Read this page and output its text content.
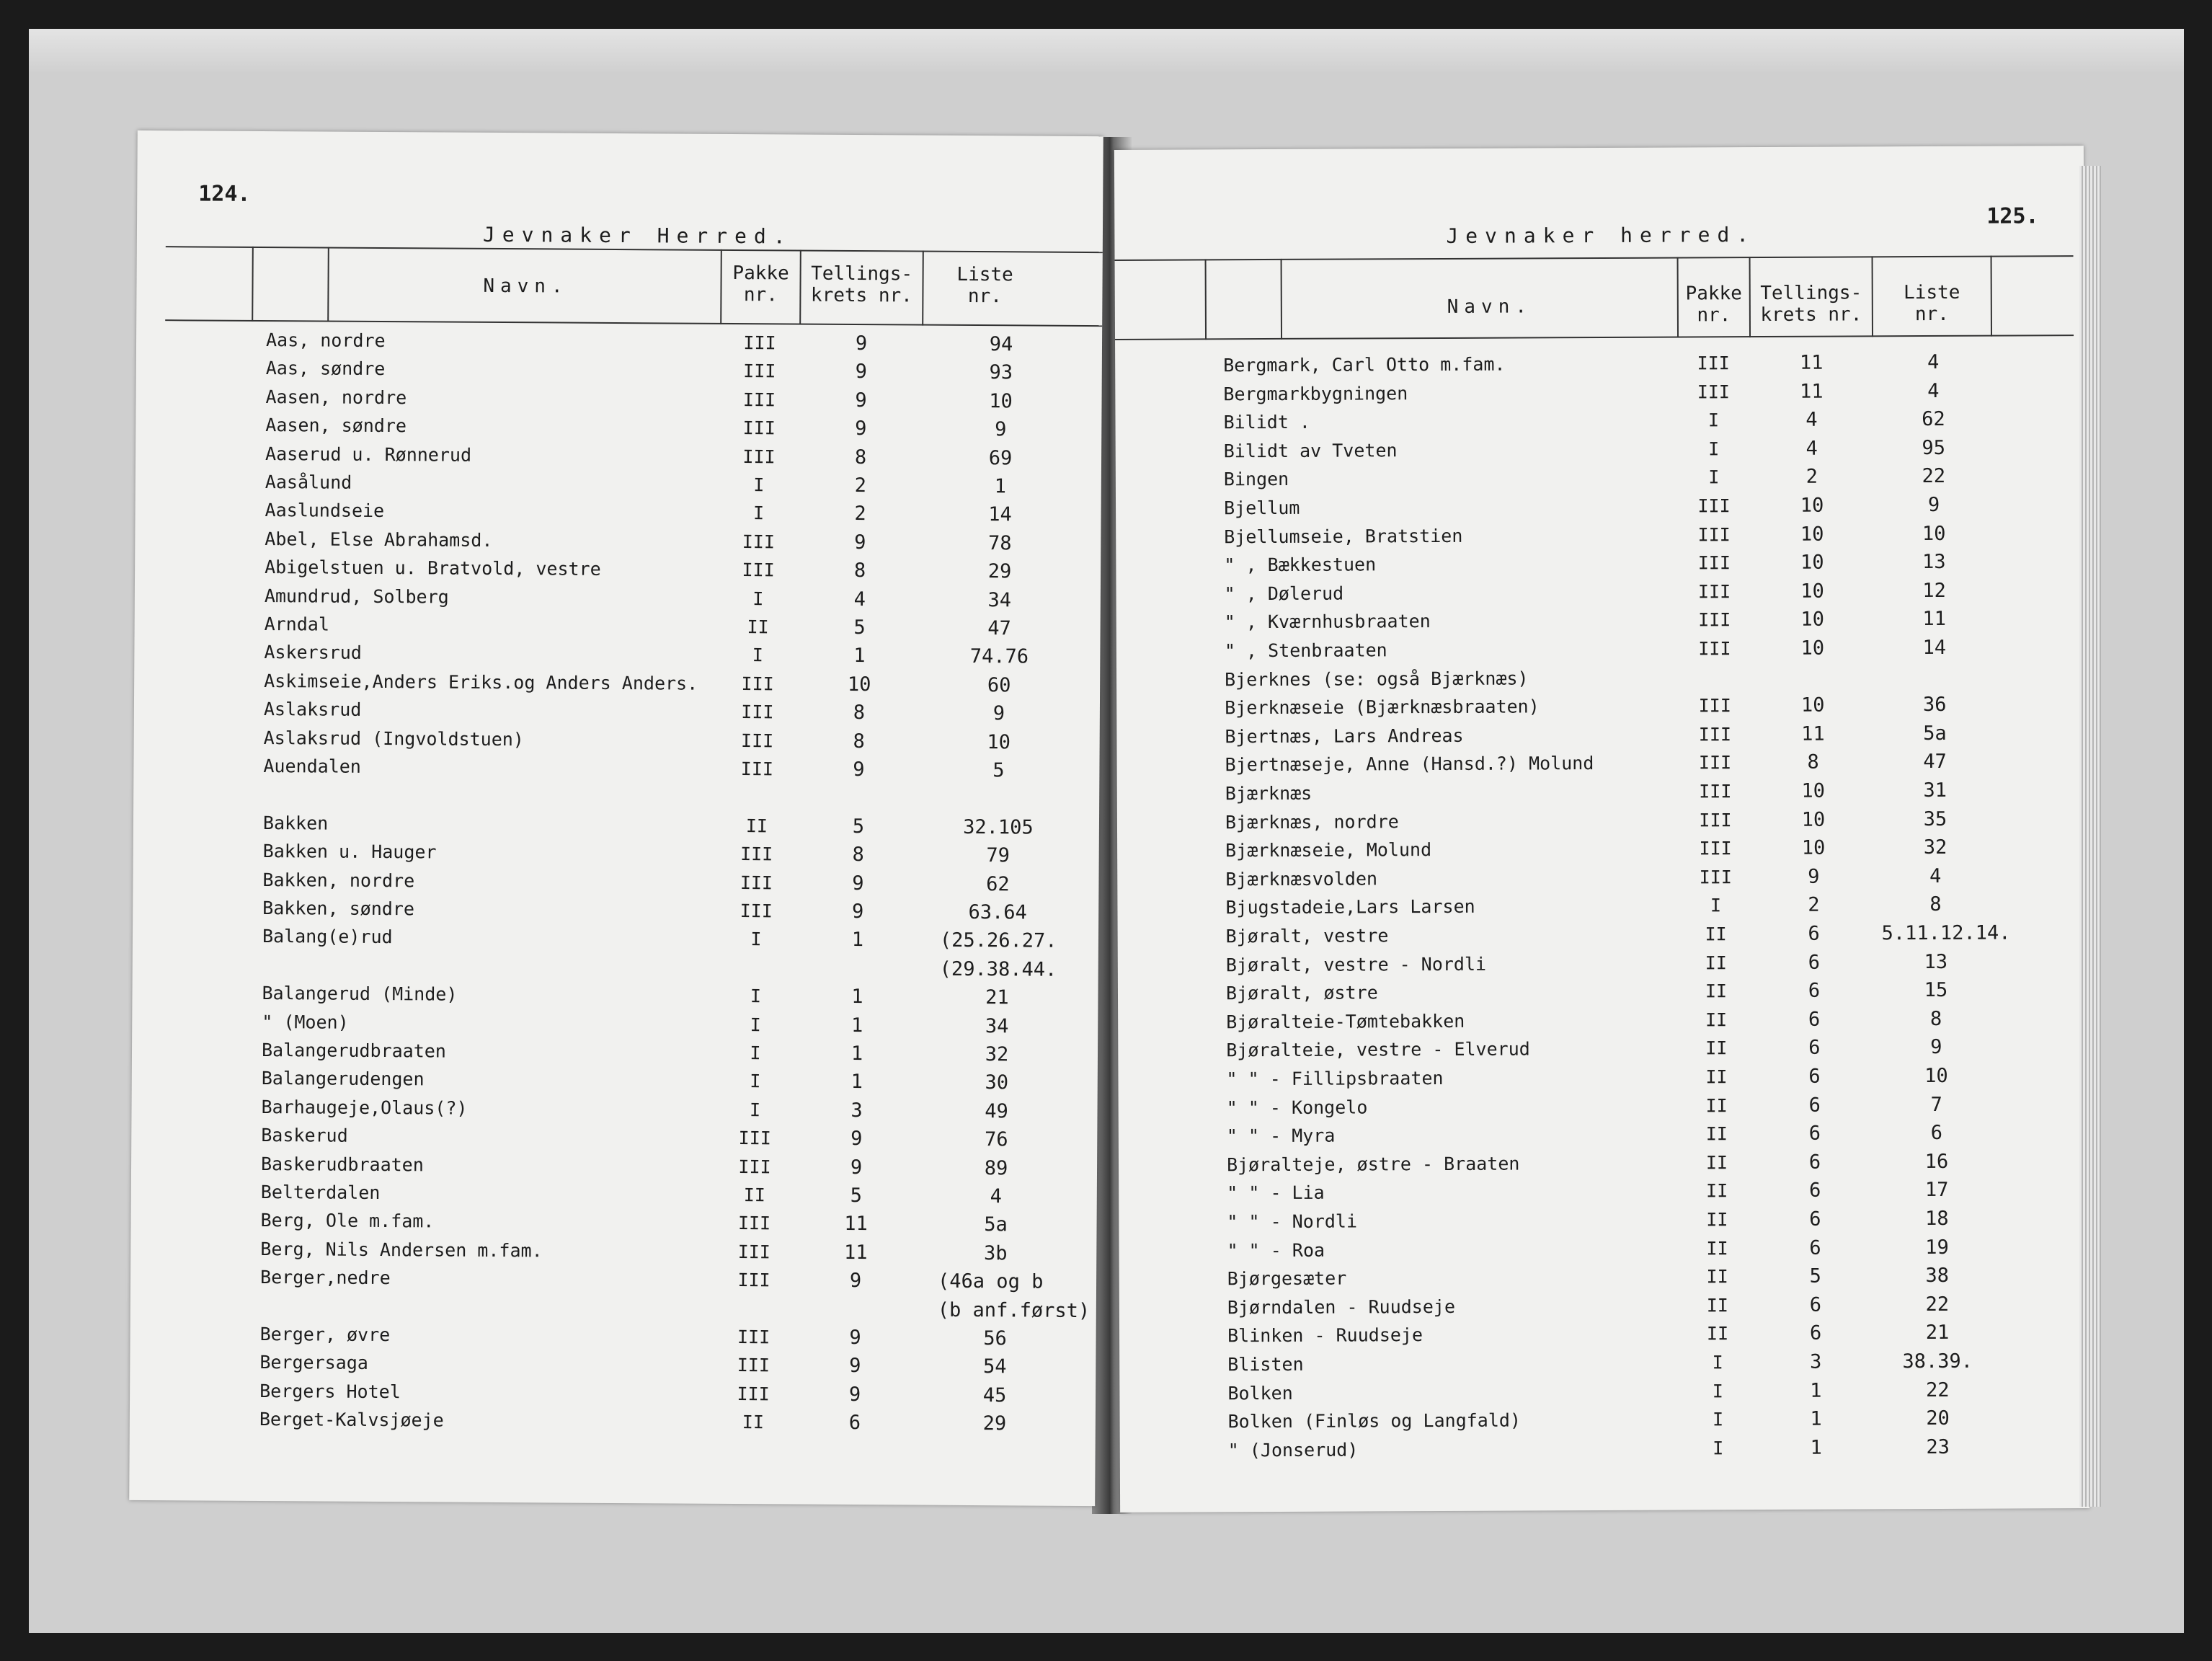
124.
Jevnaker Herred.
Navn.
Pakke
nr.
Tellings-
krets nr.
Liste
nr.
Aas, nordre	III	9	94
Aas, søndre	III	9	93
Aasen, nordre	III	9	10
Aasen, søndre	III	9	9
Aaserud u. Rønnerud	III	8	69
Aasålund	I	2	1
Aaslundseie	I	2	14
Abel, Else Abrahamsd.	III	9	78
Abigelstuen u. Bratvold, vestre	III	8	29
Amundrud, Solberg	I	4	34
Arndal	II	5	47
Askersrud	I	1	74.76
Askimseie,Anders Eriks.og Anders Anders.	III	10	60
Aslaksrud	III	8	9
Aslaksrud (Ingvoldstuen)	III	8	10
Auendalen	III	9	5
Bakken	II	5	32.105
Bakken u. Hauger	III	8	79
Bakken, nordre	III	9	62
Bakken, søndre	III	9	63.64
Balang(e)rud	I	1	(25.26.27.
(29.38.44.
Balangerud (Minde)	I	1	21
" (Moen)	I	1	34
Balangerudbraaten	I	1	32
Balangerudengen	I	1	30
Barhaugeje,Olaus(?)	I	3	49
Baskerud	III	9	76
Baskerudbraaten	III	9	89
Belterdalen	II	5	4
Berg, Ole m.fam.	III	11	5a
Berg, Nils Andersen m.fam.	III	11	3b
Berger,nedre	III	9	(46a og b
(b anf.først)
Berger, øvre	III	9	56
Bergersaga	III	9	54
Bergers Hotel	III	9	45
Berget-Kalvsjøeje	II	6	29
125.
Jevnaker herred.
Navn.
Pakke
nr.
Tellings-
krets nr.
Liste
nr.
Bergmark, Carl Otto m.fam.	III	11	4
Bergmarkbygningen	III	11	4
Bilidt .	I	4	62
Bilidt av Tveten	I	4	95
Bingen	I	2	22
Bjellum	III	10	9
Bjellumseie, Bratstien	III	10	10
" , Bækkestuen	III	10	13
" , Dølerud	III	10	12
" , Kværnhusbraaten	III	10	11
" , Stenbraaten	III	10	14
Bjerknes (se: også Bjærknæs)
Bjerknæseie (Bjærknæsbraaten)	III	10	36
Bjertnæs, Lars Andreas	III	11	5a
Bjertnæseje, Anne (Hansd.?) Molund	III	8	47
Bjærknæs	III	10	31
Bjærknæs, nordre	III	10	35
Bjærknæseie, Molund	III	10	32
Bjærknæsvolden	III	9	4
Bjugstadeie,Lars Larsen	I	2	8
Bjøralt, vestre	II	6	5.11.12.14.
Bjøralt, vestre - Nordli	II	6	13
Bjøralt, østre	II	6	15
Bjøralteie-Tømtebakken	II	6	8
Bjøralteie, vestre - Elverud	II	6	9
" " - Fillipsbraaten	II	6	10
" " - Kongelo	II	6	7
" " - Myra	II	6	6
Bjøralteje, østre - Braaten	II	6	16
" " - Lia	II	6	17
" " - Nordli	II	6	18
" " - Roa	II	6	19
Bjørgesæter	II	5	38
Bjørndalen - Ruudseje	II	6	22
Blinken - Ruudseje	II	6	21
Blisten	I	3	38.39.
Bolken	I	1	22
Bolken (Finløs og Langfald)	I	1	20
" (Jonserud)	I	1	23
